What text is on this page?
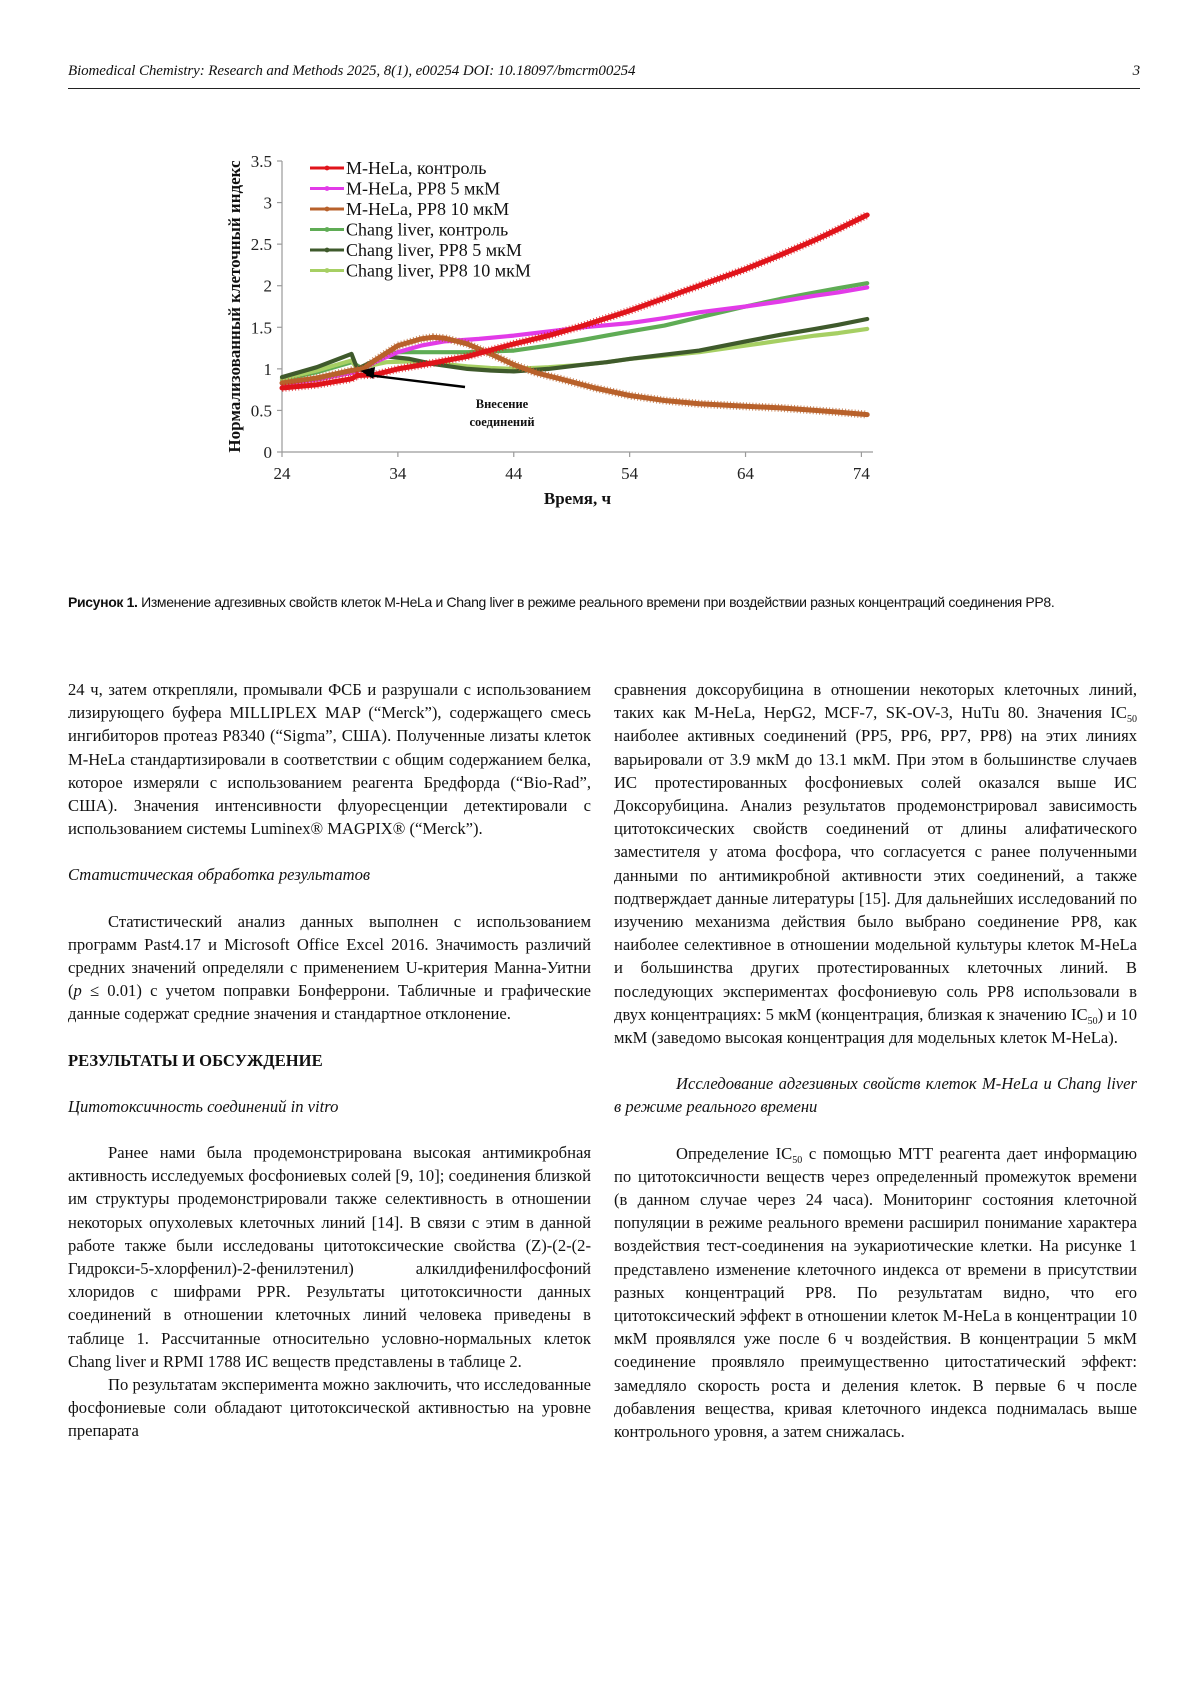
Biomedical Chemistry: Research and Methods 2025, 8(1), e00254 DOI: 10.18097/bmcrm00254	3
0
0.5
1
1.5
2
2.5
3
3.5
24	34	44	54	64	74
Внесение
соединений
M-HeLa, контроль
M-HeLa, PP8 5 мкМ
M-HeLa, PP8 10 мкМ
Chang liver, контроль
Chang liver, PP8 5 мкМ
Chang liver, PP8 10 мкМ
Время, ч
Нормализованный клеточный индекс
Рисунок 1. Изменение адгезивных свойств клеток M-HeLa и Chang liver в режиме реального времени при воздействии разных концентраций соединения PP8.

24 ч, затем открепляли, промывали ФСБ и разрушали с использованием лизирующего буфера MILLIPLEX MAP (“Merck”), содержащего смесь ингибиторов протеаз P8340 (“Sigma”, США). Полученные лизаты клеток M-HeLa стандартизировали в соответствии с общим содержанием белка, которое измеряли с использованием реагента Бредфорда (“Bio-Rad”, США). Значения интенсивности флуоресценции детектировали с использованием системы Luminex® MAGPIX® (“Merck”).

Статистическая обработка результатов

Статистический анализ данных выполнен с использованием программ Past4.17 и Microsoft Office Excel 2016. Значимость различий средних значений определяли с применением U-критерия Манна-Уитни (p ≤ 0.01) с учетом поправки Бонферрони. Табличные и графические данные содержат средние значения и стандартное отклонение.

РЕЗУЛЬТАТЫ И ОБСУЖДЕНИЕ

Цитотоксичность соединений in vitro

Ранее нами была продемонстрирована высокая антимикробная активность исследуемых фосфониевых солей [9, 10]; соединения близкой им структуры продемонстрировали также селективность в отношении некоторых опухолевых клеточных линий [14]. В связи с этим в данной работе также были исследованы цитотоксические свойства (Z)-(2-(2-Гидрокси-5-хлорфенил)-2-фенилэтенил) алкилдифенилфосфоний хлоридов с шифрами PPR. Результаты цитотоксичности данных соединений в отношении клеточных линий человека приведены в таблице 1. Рассчитанные относительно условно-нормальных клеток Chang liver и RPMI 1788 ИС веществ представлены в таблице 2.

По результатам эксперимента можно заключить, что исследованные фосфониевые соли обладают цитотоксической активностью на уровне препарата

сравнения доксорубицина в отношении некоторых клеточных линий, таких как M-HeLa, HepG2, MCF-7, SK-OV-3, HuTu 80. Значения $IC_{50}$ наиболее активных соединений (PP5, PP6, PP7, PP8) на этих линиях варьировали от 3.9 мкМ до 13.1 мкМ. При этом в большинстве случаев ИС протестированных фосфониевых солей оказался выше ИС Доксорубицина. Анализ результатов продемонстрировал зависимость цитотоксических свойств соединений от длины алифатического заместителя у атома фосфора, что согласуется с ранее полученными данными по антимикробной активности этих соединений, а также подтверждает данные литературы [15]. Для дальнейших исследований по изучению механизма действия было выбрано соединение PP8, как наиболее селективное в отношении модельной культуры клеток M-HeLa и большинства других протестированных клеточных линий. В последующих экспериментах фосфониевую соль PP8 использовали в двух концентрациях: 5 мкМ (концентрация, близкая к значению $IC_{50}$) и 10 мкМ (заведомо высокая концентрация для модельных клеток M-HeLa).

Исследование адгезивных свойств клеток M-HeLa и Chang liver в режиме реального времени

Определение $IC_{50}$ с помощью MTT реагента дает информацию по цитотоксичности веществ через определенный промежуток времени (в данном случае через 24 часа). Мониторинг состояния клеточной популяции в режиме реального времени расширил понимание характера воздействия тест-соединения на эукариотические клетки. На рисунке 1 представлено изменение клеточного индекса от времени в присутствии разных концентраций PP8. По результатам видно, что его цитотоксический эффект в отношении клеток M-HeLa в концентрации 10 мкМ проявлялся уже после 6 ч воздействия. В концентрации 5 мкМ соединение проявляло преимущественно цитостатический эффект: замедляло скорость роста и деления клеток. В первые 6 ч после добавления вещества, кривая клеточного индекса поднималась выше контрольного уровня, а затем снижалась.
